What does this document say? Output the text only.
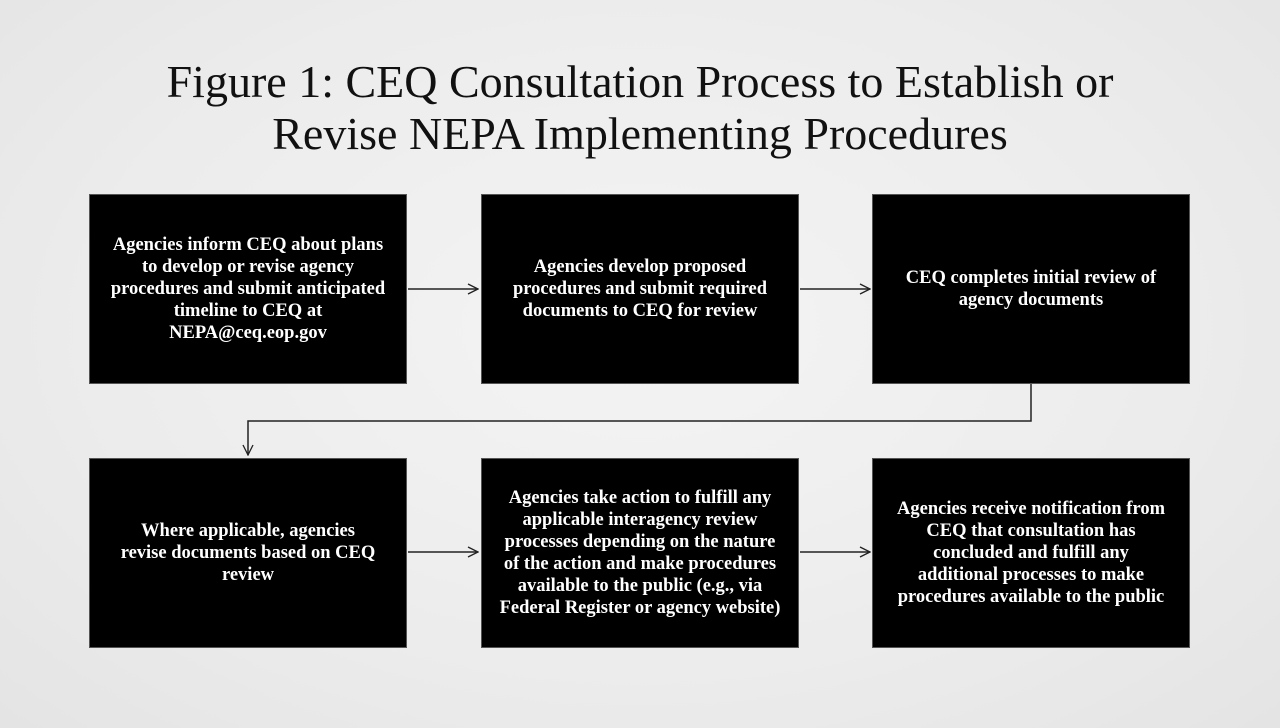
Figure 1: CEQ Consultation Process to Establish or
Revise NEPA Implementing Procedures
Agencies inform CEQ about plans to develop or revise agency procedures and submit anticipated timeline to CEQ at NEPA@ceq.eop.gov
Agencies develop proposed procedures and submit required documents to CEQ for review
CEQ completes initial review of agency documents
Where applicable, agencies revise documents based on CEQ review
Agencies take action to fulfill any applicable interagency review processes depending on the nature of the action and make procedures available to the public (e.g., via Federal Register or agency website)
Agencies receive notification from CEQ that consultation has concluded and fulfill any additional processes to make procedures available to the public
